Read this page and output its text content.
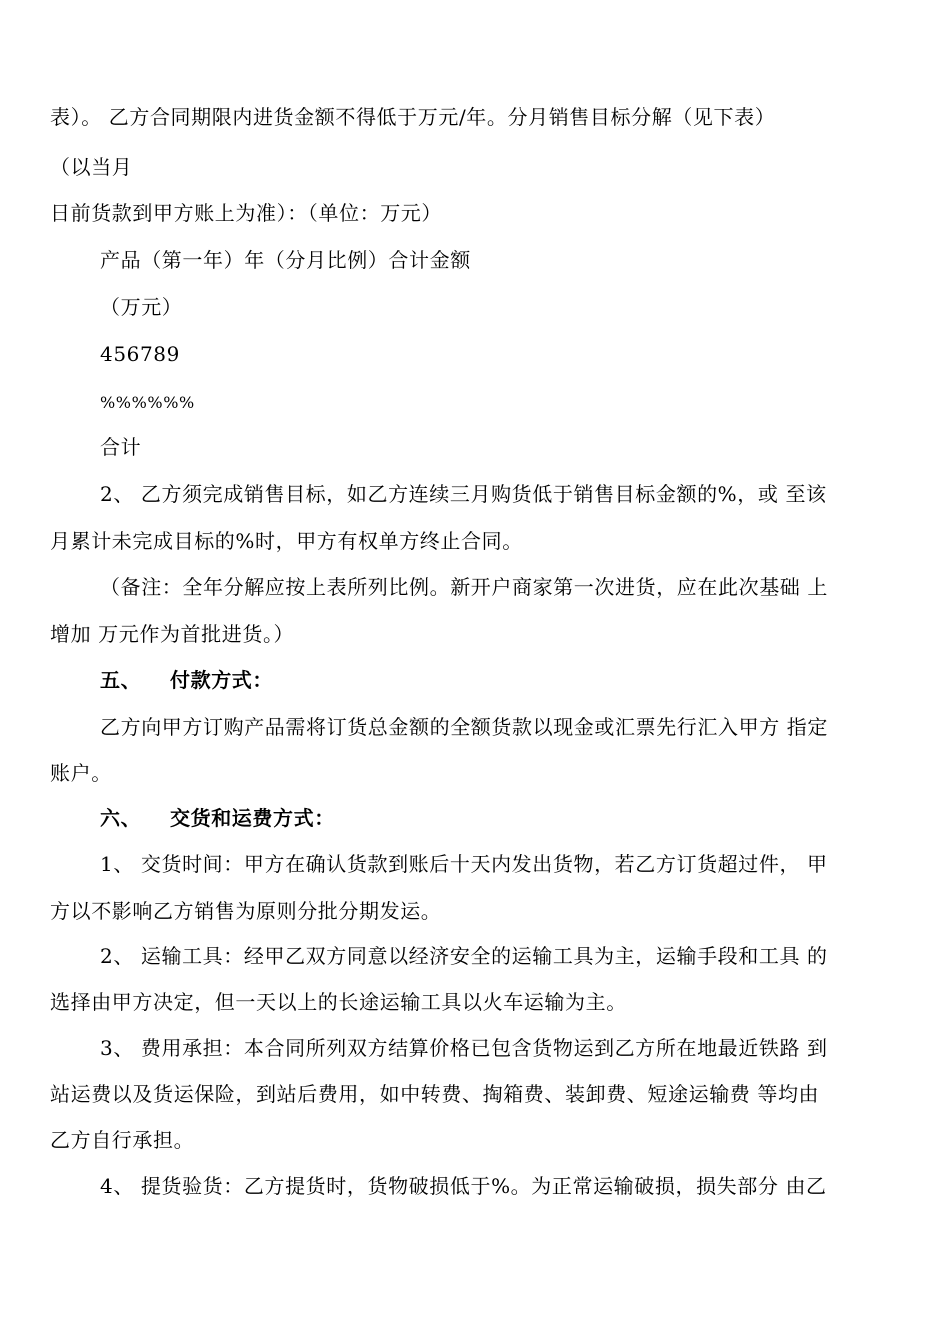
表）。 乙方合同期限内进货金额不得低于万元/年。分月销售目标分解（见下表）
（以当月
日前货款到甲方账上为准）：（单位：万元）
产品（第一年）年（分月比例）合计金额
（万元）
456789
%%%%%%
合计
2、 乙方须完成销售目标，如乙方连续三月购货低于销售目标金额的%，或 至该
月累计未完成目标的%时，甲方有权单方终止合同。
（备注：全年分解应按上表所列比例。新开户商家第一次进货，应在此次基础 上
增加 万元作为首批进货。）
五、 付款方式：
乙方向甲方订购产品需将订货总金额的全额货款以现金或汇票先行汇入甲方 指定
账户。
六、 交货和运费方式：
1、 交货时间：甲方在确认货款到账后十天内发出货物，若乙方订货超过件， 甲
方以不影响乙方销售为原则分批分期发运。
2、 运输工具：经甲乙双方同意以经济安全的运输工具为主，运输手段和工具 的
选择由甲方决定，但一天以上的长途运输工具以火车运输为主。
3、 费用承担：本合同所列双方结算价格已包含货物运到乙方所在地最近铁路 到
站运费以及货运保险，到站后费用，如中转费、掏箱费、装卸费、短途运输费 等均由
乙方自行承担。
4、 提货验货：乙方提货时，货物破损低于%。为正常运输破损，损失部分 由乙
